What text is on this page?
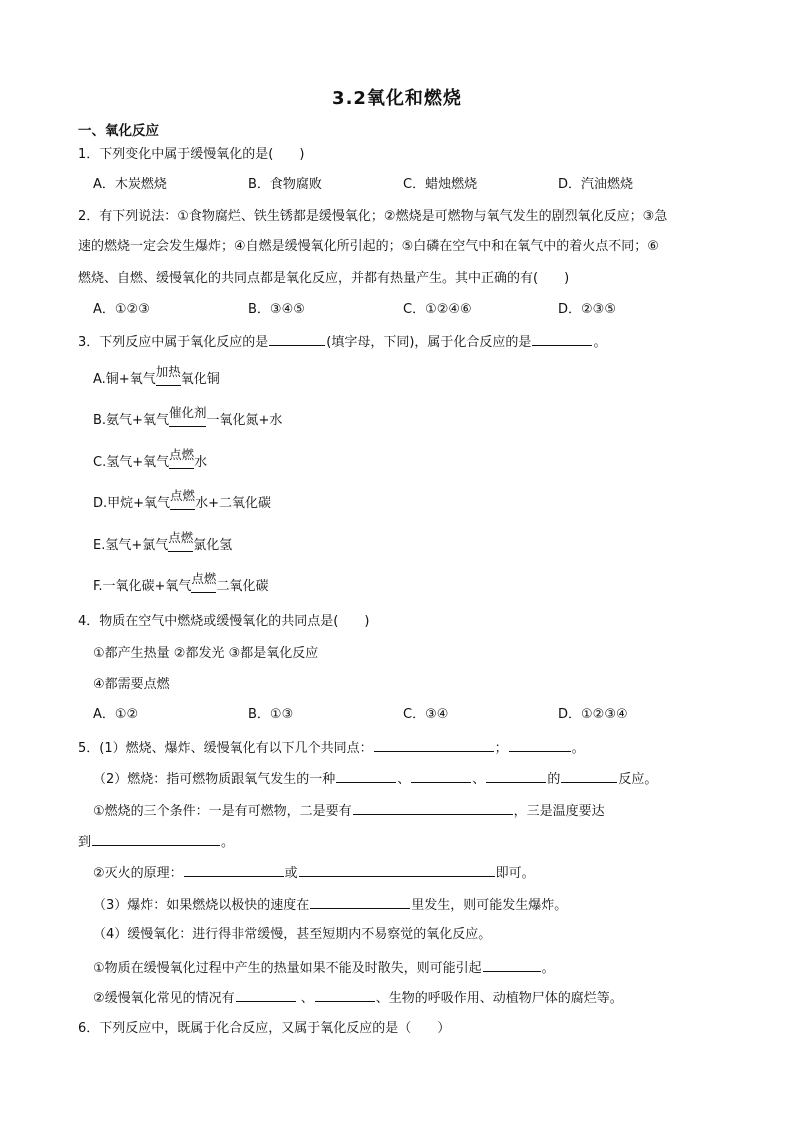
3.2氧化和燃烧
一、氧化反应
1．下列变化中属于缓慢氧化的是(　　)
A．木炭燃烧	B．食物腐败	C．蜡烛燃烧	D．汽油燃烧
2．有下列说法：①食物腐烂、铁生锈都是缓慢氧化；②燃烧是可燃物与氧气发生的剧烈氧化反应；③急
速的燃烧一定会发生爆炸；④自燃是缓慢氧化所引起的；⑤白磷在空气中和在氧气中的着火点不同；⑥
燃烧、自燃、缓慢氧化的共同点都是氧化反应，并都有热量产生。其中正确的有(　　)
A．①②③	B．③④⑤	C．①②④⑥	D．②③⑤
3．下列反应中属于氧化反应的是	(填字母，下同)，属于化合反应的是	。
A.铜+氧气加热
氧化铜
B.氨气+氧气催化剂
一氧化氮+水
C.氢气+氧气点燃
水
D.甲烷+氧气点燃
水+二氧化碳
E.氢气+氯气点燃
氯化氢
F.一氧化碳+氧气点燃
二氧化碳
4．物质在空气中燃烧或缓慢氧化的共同点是(　　)
①都产生热量 ②都发光 ③都是氧化反应
④都需要点燃
A．①②	B．①③	C．③④	D．①②③④
5．(1）燃烧、爆炸、缓慢氧化有以下几个共同点：	；	。
（2）燃烧：指可燃物质跟氧气发生的一种	、	、	的	反应。
①燃烧的三个条件：一是有可燃物，二是要有	，三是温度要达
到	。
②灭火的原理：	或	即可。
（3）爆炸：如果燃烧以极快的速度在	里发生，则可能发生爆炸。
（4）缓慢氧化：进行得非常缓慢，甚至短期内不易察觉的氧化反应。
①物质在缓慢氧化过程中产生的热量如果不能及时散失，则可能引起	。
②缓慢氧化常见的情况有	、	、生物的呼吸作用、动植物尸体的腐烂等。
6．下列反应中，既属于化合反应，又属于氧化反应的是（　　）
